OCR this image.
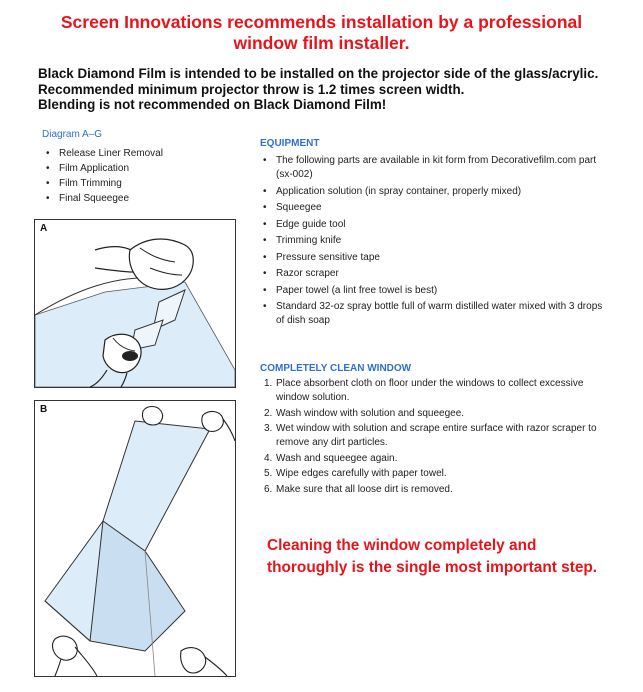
Screen Innovations recommends installation by a professional
window film installer.
Black Diamond Film is intended to be installed on the projector side of the glass/acrylic.
Recommended minimum projector throw is 1.2 times screen width.
Blending is not recommended on Black Diamond Film!
Diagram A–G
• Release Liner Removal
• Film Application
• Film Trimming
• Final Squeegee
A
B
EQUIPMENT
• The following parts are available in kit form from Decorativefilm.com part (sx-002)
• Application solution (in spray container, properly mixed)
• Squeegee
• Edge guide tool
• Trimming knife
• Pressure sensitive tape
• Razor scraper
• Paper towel (a lint free towel is best)
• Standard 32-oz spray bottle full of warm distilled water mixed with 3 drops of dish soap
COMPLETELY CLEAN WINDOW
1. Place absorbent cloth on floor under the windows to collect excessive window solution.
2. Wash window with solution and squeegee.
3. Wet window with solution and scrape entire surface with razor scraper to remove any dirt particles.
4. Wash and squeegee again.
5. Wipe edges carefully with paper towel.
6. Make sure that all loose dirt is removed.
Cleaning the window completely and thoroughly is the single most important step.
